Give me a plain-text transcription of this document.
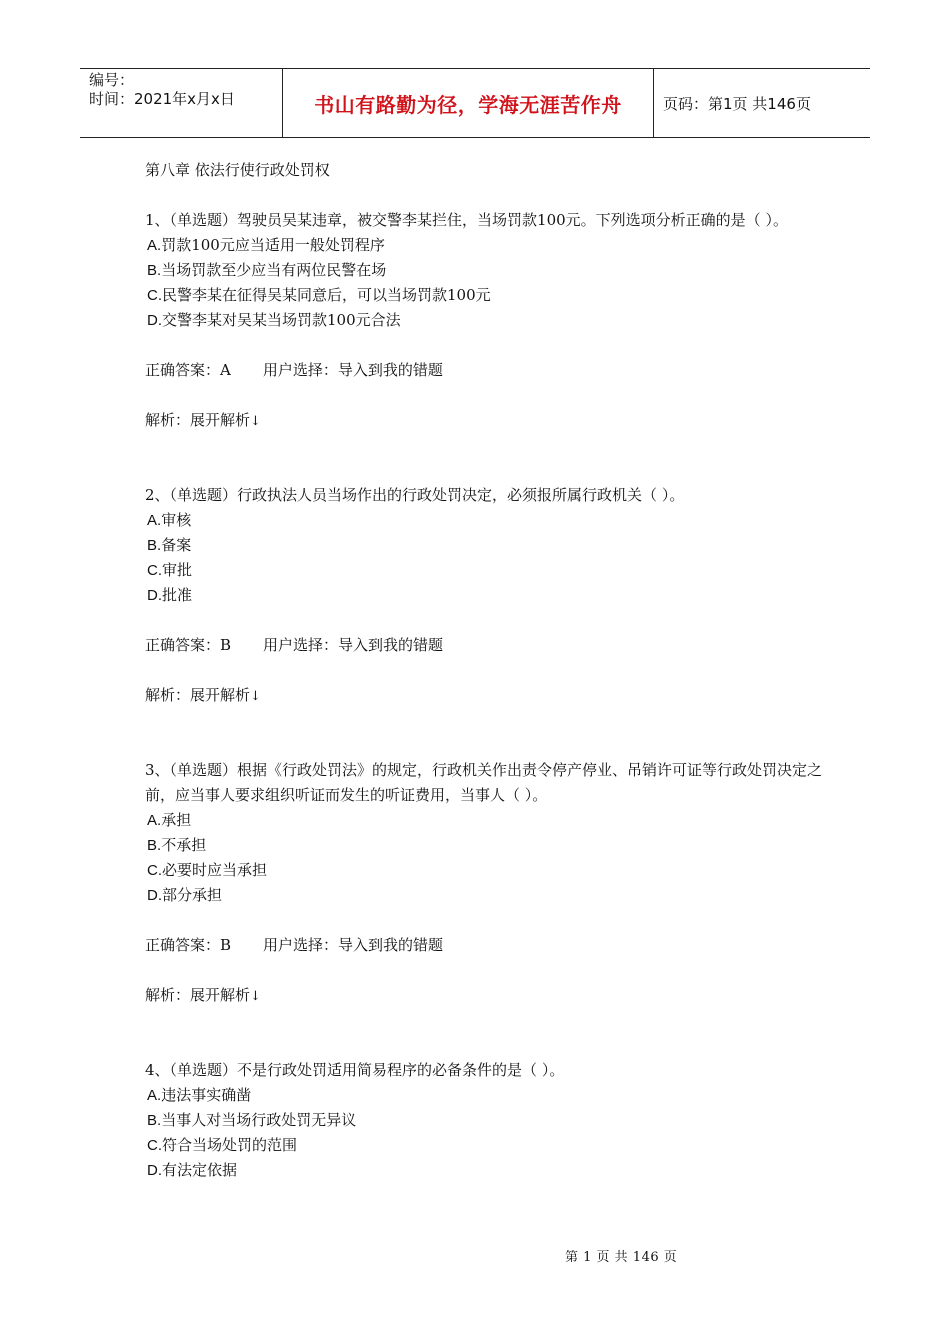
编号：
时间：2021年x月x日	书山有路勤为径，学海无涯苦作舟	页码：第1页 共146页

第八章 依法行使行政处罚权

1、（单选题）驾驶员吴某违章，被交警李某拦住，当场罚款100元。下列选项分析正确的是（ ）。

A.罚款100元应当适用一般处罚程序

B.当场罚款至少应当有两位民警在场

C.民警李某在征得吴某同意后，可以当场罚款100元

D.交警李某对吴某当场罚款100元合法

正确答案：A 用户选择：导入到我的错题

解析：展开解析↓

2、（单选题）行政执法人员当场作出的行政处罚决定，必须报所属行政机关（ ）。

A.审核

B.备案

C.审批

D.批准

正确答案：B 用户选择：导入到我的错题

解析：展开解析↓

3、（单选题）根据《行政处罚法》的规定，行政机关作出责令停产停业、吊销许可证等行政处罚决定之前，应当事人要求组织听证而发生的听证费用，当事人（ ）。

A.承担

B.不承担

C.必要时应当承担

D.部分承担

正确答案：B 用户选择：导入到我的错题

解析：展开解析↓

4、（单选题）不是行政处罚适用简易程序的必备条件的是（ ）。

A.违法事实确凿

B.当事人对当场行政处罚无异议

C.符合当场处罚的范围

D.有法定依据

第 1 页 共 146 页
